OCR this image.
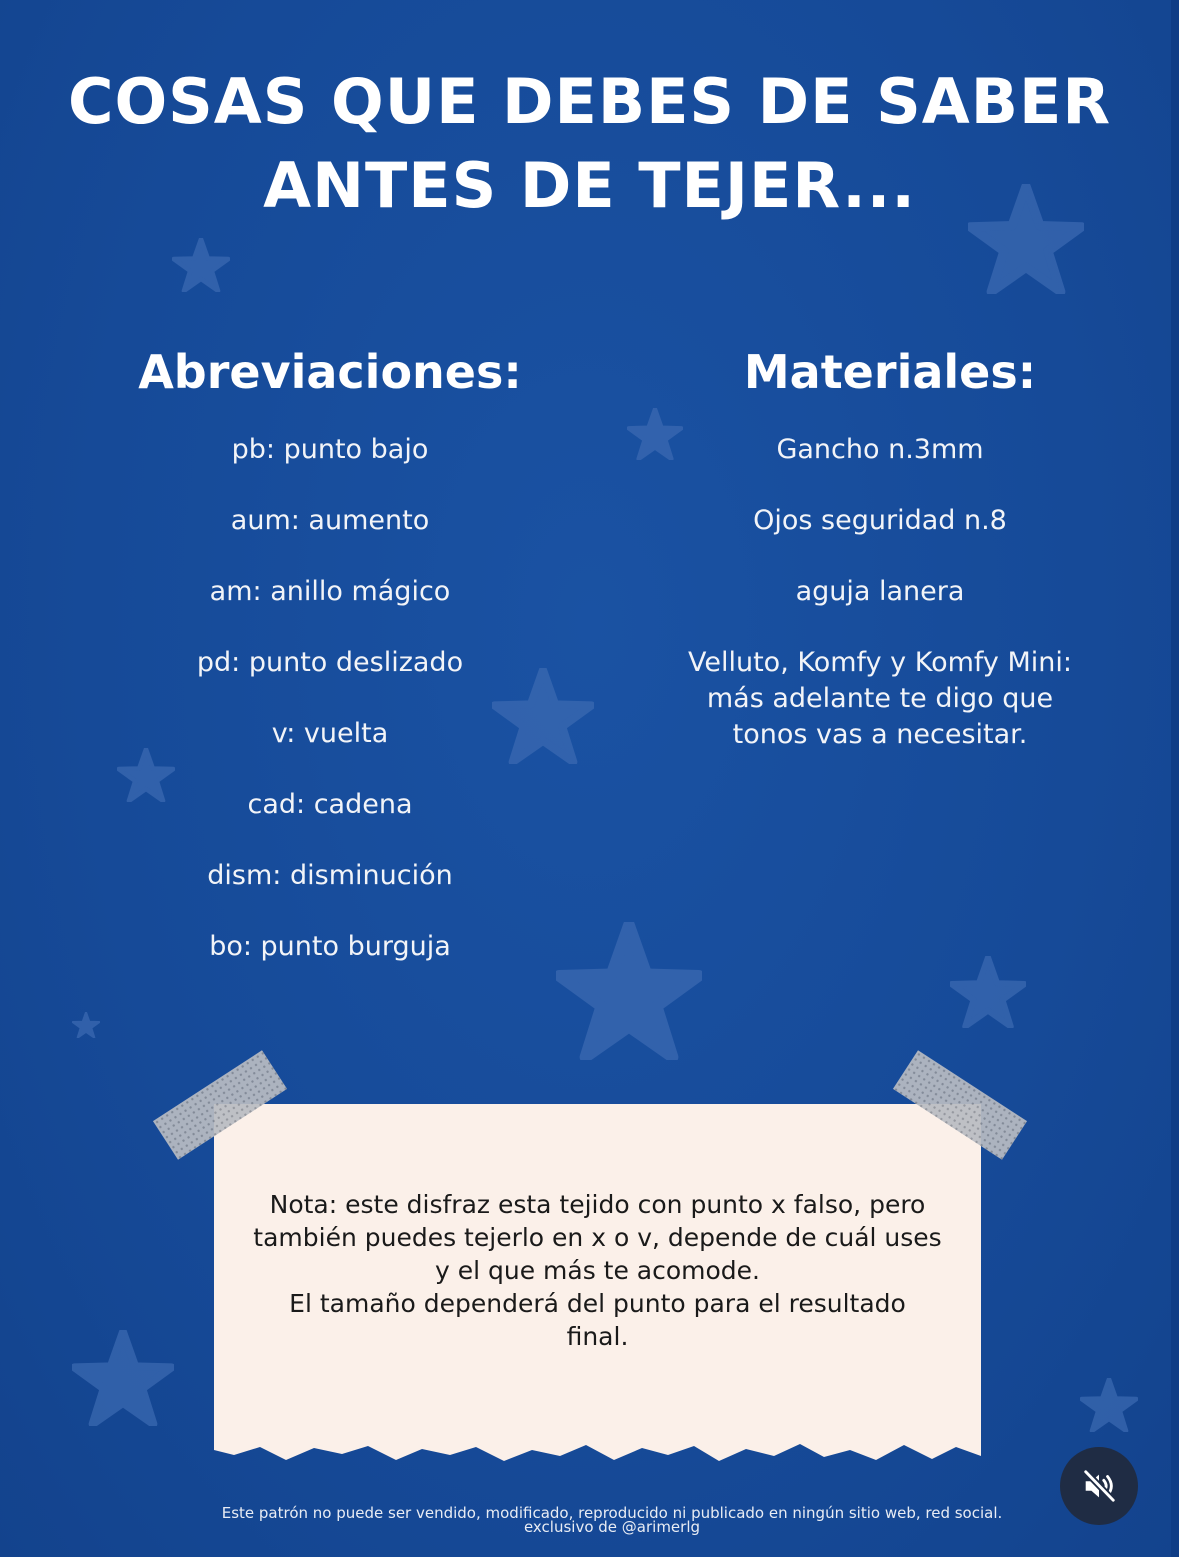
COSAS QUE DEBES DE SABER
ANTES DE TEJER...
Abreviaciones:
pb: punto bajo
aum: aumento
am: anillo mágico
pd: punto deslizado
v: vuelta
cad: cadena
dism: disminución
bo: punto burguja
Materiales:
Gancho n.3mm
Ojos seguridad n.8
aguja lanera
Velluto, Komfy y Komfy Mini:
más adelante te digo que
tonos vas a necesitar.

Nota: este disfraz esta tejido con punto x falso, pero
también puedes tejerlo en x o v, depende de cuál uses
y el que más te acomode.
El tamaño dependerá del punto para el resultado
final.

Este patrón no puede ser vendido, modificado, reproducido ni publicado en ningún sitio web, red social.
exclusivo de @arimerlg
